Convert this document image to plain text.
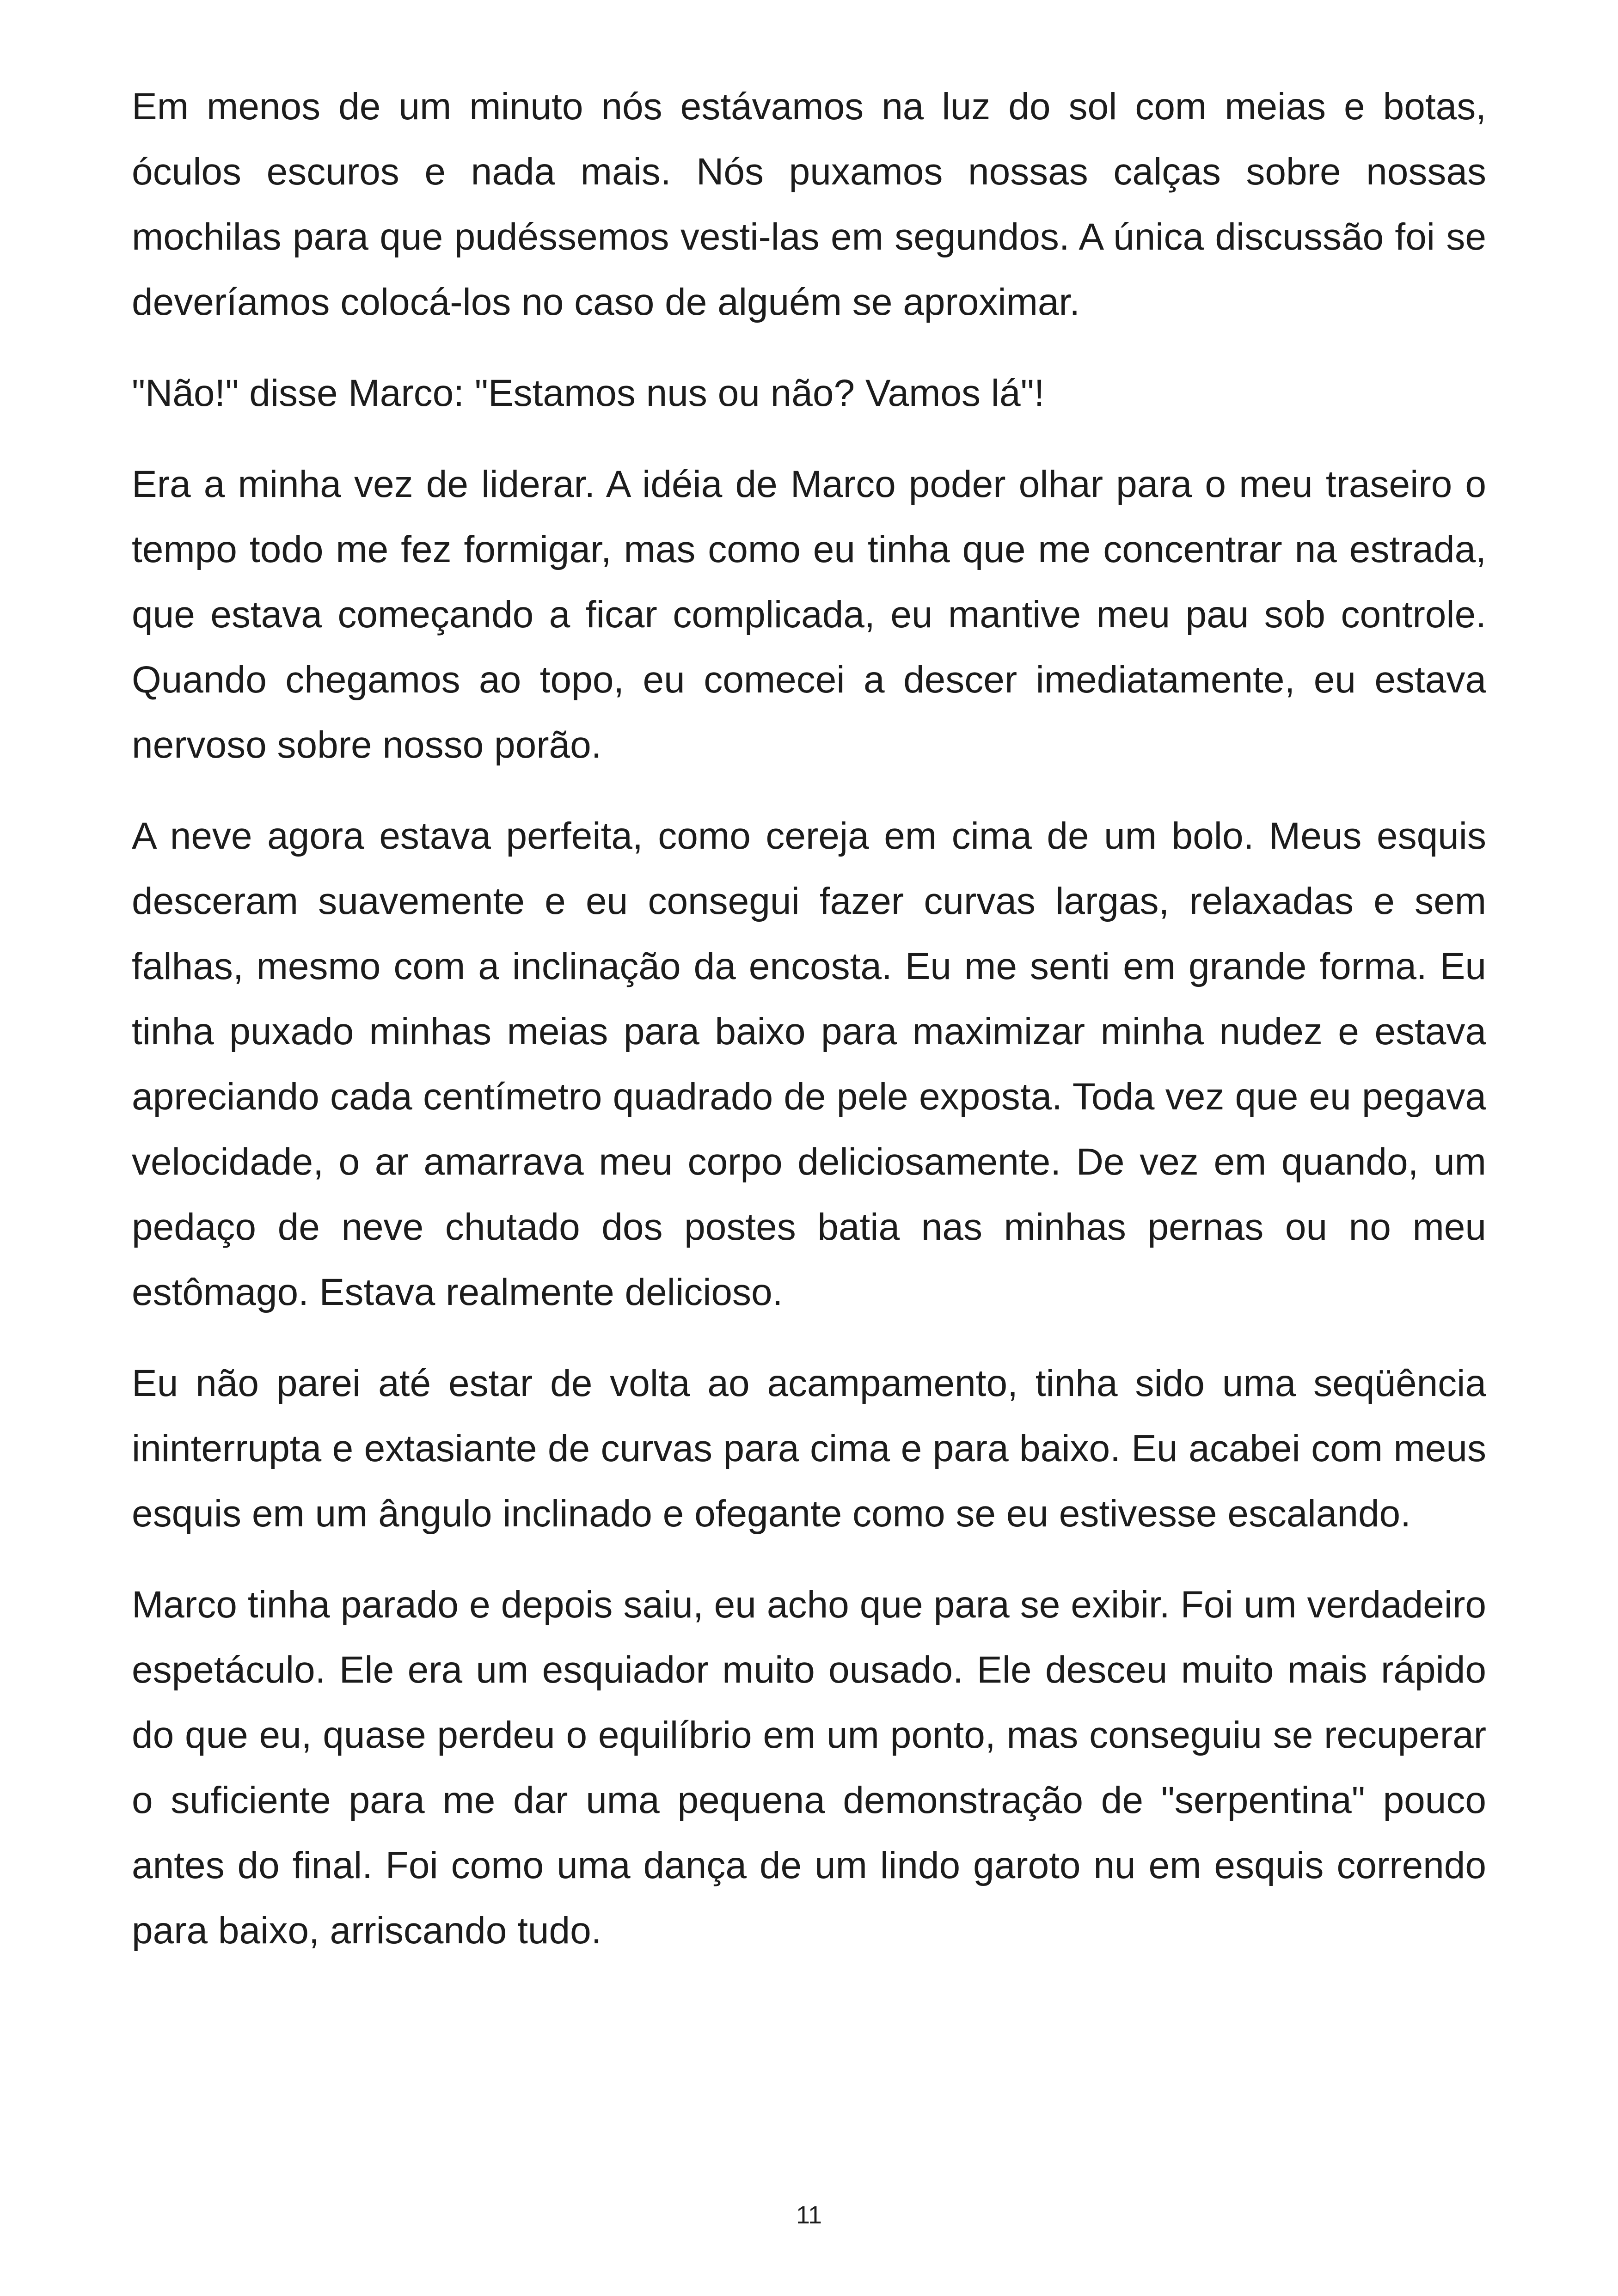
Em menos de um minuto nós estávamos na luz do sol com meias e botas, óculos escuros e nada mais. Nós puxamos nossas calças sobre nossas mochilas para que pudéssemos vesti-las em segundos. A única discussão foi se deveríamos colocá-los no caso de alguém se aproximar.

"Não!" disse Marco: "Estamos nus ou não? Vamos lá"!

Era a minha vez de liderar. A idéia de Marco poder olhar para o meu traseiro o tempo todo me fez formigar, mas como eu tinha que me concentrar na estrada, que estava começando a ficar complicada, eu mantive meu pau sob controle. Quando chegamos ao topo, eu comecei a descer imediatamente, eu estava nervoso sobre nosso porão.

A neve agora estava perfeita, como cereja em cima de um bolo. Meus esquis desceram suavemente e eu consegui fazer curvas largas, relaxadas e sem falhas, mesmo com a inclinação da encosta. Eu me senti em grande forma. Eu tinha puxado minhas meias para baixo para maximizar minha nudez e estava apreciando cada centímetro quadrado de pele exposta. Toda vez que eu pegava velocidade, o ar amarrava meu corpo deliciosamente. De vez em quando, um pedaço de neve chutado dos postes batia nas minhas pernas ou no meu estômago. Estava realmente delicioso.

Eu não parei até estar de volta ao acampamento, tinha sido uma seqüência ininterrupta e extasiante de curvas para cima e para baixo. Eu acabei com meus esquis em um ângulo inclinado e ofegante como se eu estivesse escalando.

Marco tinha parado e depois saiu, eu acho que para se exibir. Foi um verdadeiro espetáculo. Ele era um esquiador muito ousado. Ele desceu muito mais rápido do que eu, quase perdeu o equilíbrio em um ponto, mas conseguiu se recuperar o suficiente para me dar uma pequena demonstração de "serpentina" pouco antes do final. Foi como uma dança de um lindo garoto nu em esquis correndo para baixo, arriscando tudo.

11
